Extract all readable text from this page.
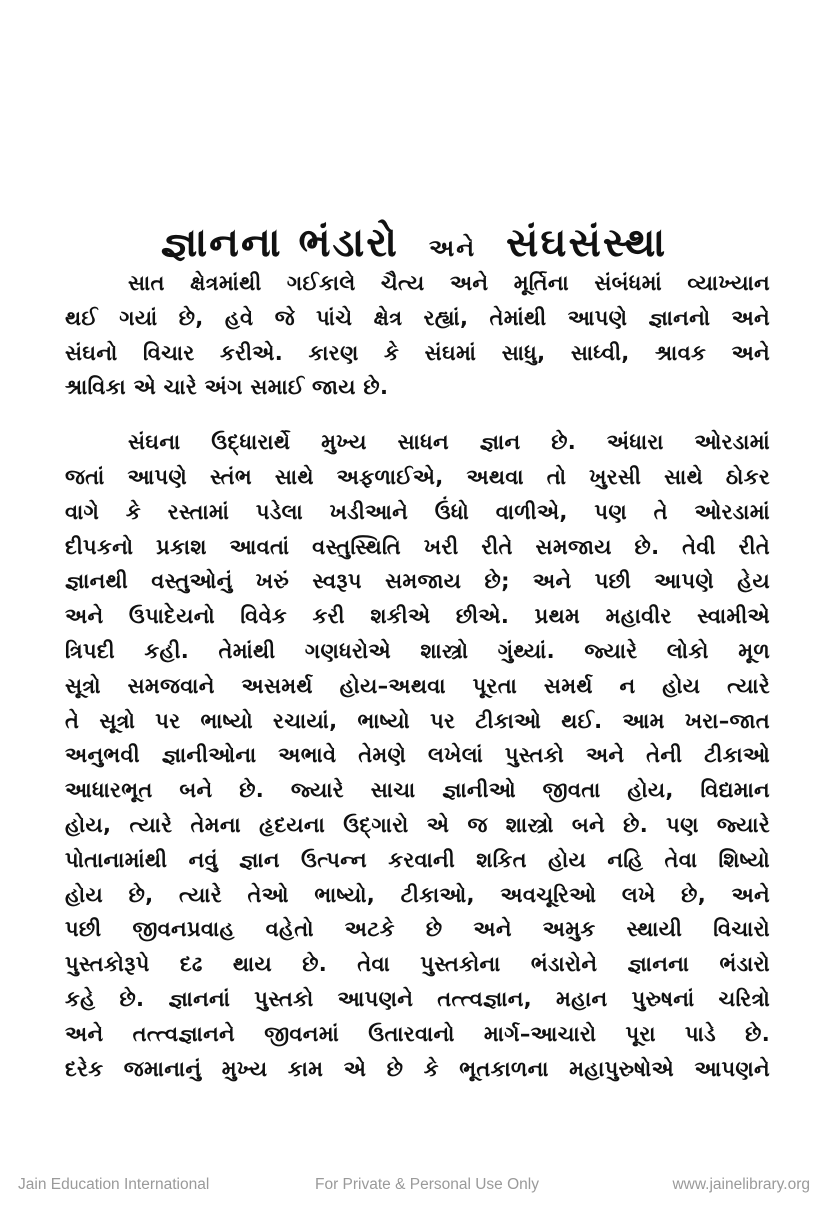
જ્ઞાનના ભંડારો અને સંઘસંસ્થા
સાત ક્ષેત્રમાંથી ગઈકાલે ચૈત્ય અને મૂર્તિના સંબંધમાં વ્યાખ્યાન
થઈ ગયાં છે, હવે જે પાંચે ક્ષેત્ર રહ્યાં, તેમાંથી આપણે જ્ઞાનનો અને
સંઘનો વિચાર કરીએ. કારણ કે સંઘમાં સાધુ, સાધ્વી, શ્રાવક અને
શ્રાવિકા એ ચારે અંગ સમાઈ જાય છે.
સંઘના ઉદ્ધારાર્થે મુખ્ય સાધન જ્ઞાન છે. અંધારા ઓરડામાં
જતાં આપણે સ્તંભ સાથે અફળાઈએ, અથવા તો ખુરસી સાથે ઠોકર
વાગે કે રસ્તામાં પડેલા ખડીઆને ઉંધો વાળીએ, પણ તે ઓરડામાં
દીપકનો પ્રકાશ આવતાં વસ્તુસ્થિતિ ખરી રીતે સમજાય છે. તેવી રીતે
જ્ઞાનથી વસ્તુઓનું ખરું સ્વરૂપ સમજાય છે; અને પછી આપણે હેય
અને ઉપાદેયનો વિવેક કરી શકીએ છીએ. પ્રથમ મહાવીર સ્વામીએ
ત્રિપદી કહી. તેમાંથી ગણધરોએ શાસ્ત્રો ગુંથ્યાં. જ્યારે લોકો મૂળ
સૂત્રો સમજવાને અસમર્થ હોય–અથવા પૂરતા સમર્થ ન હોય ત્યારે
તે સૂત્રો પર ભાષ્યો રચાયાં, ભાષ્યો પર ટીકાઓ થઈ. આમ ખરા–જાત
અનુભવી જ્ઞાનીઓના અભાવે તેમણે લખેલાં પુસ્તકો અને તેની ટીકાઓ
આધારભૂત બને છે. જ્યારે સાચા જ્ઞાનીઓ જીવતા હોય, વિદ્યમાન
હોય, ત્યારે તેમના હૃદયના ઉદ્ગારો એ જ શાસ્ત્રો બને છે. પણ જ્યારે
પોતાનામાંથી નવું જ્ઞાન ઉત્પન્ન કરવાની શકિત હોય નહિ તેવા શિષ્યો
હોય છે, ત્યારે તેઓ ભાષ્યો, ટીકાઓ, અવચૂરિઓ લખે છે, અને
પછી જીવનપ્રવાહ વહેતો અટકે છે અને અમુક સ્થાયી વિચારો
પુસ્તકોરૂપે દઢ થાય છે. તેવા પુસ્તકોના ભંડારોને જ્ઞાનના ભંડારો
કહે છે. જ્ઞાનનાં પુસ્તકો આપણને તત્ત્વજ્ઞાન, મહાન પુરુષનાં ચરિત્રો
અને તત્ત્વજ્ઞાનને જીવનમાં ઉતારવાનો માર્ગ–આચારો પૂરા પાડે છે.
દરેક જમાનાનું મુખ્ય કામ એ છે કે ભૂતકાળના મહાપુરુષોએ આપણને
Jain Education International	For Private & Personal Use Only	www.jainelibrary.org
